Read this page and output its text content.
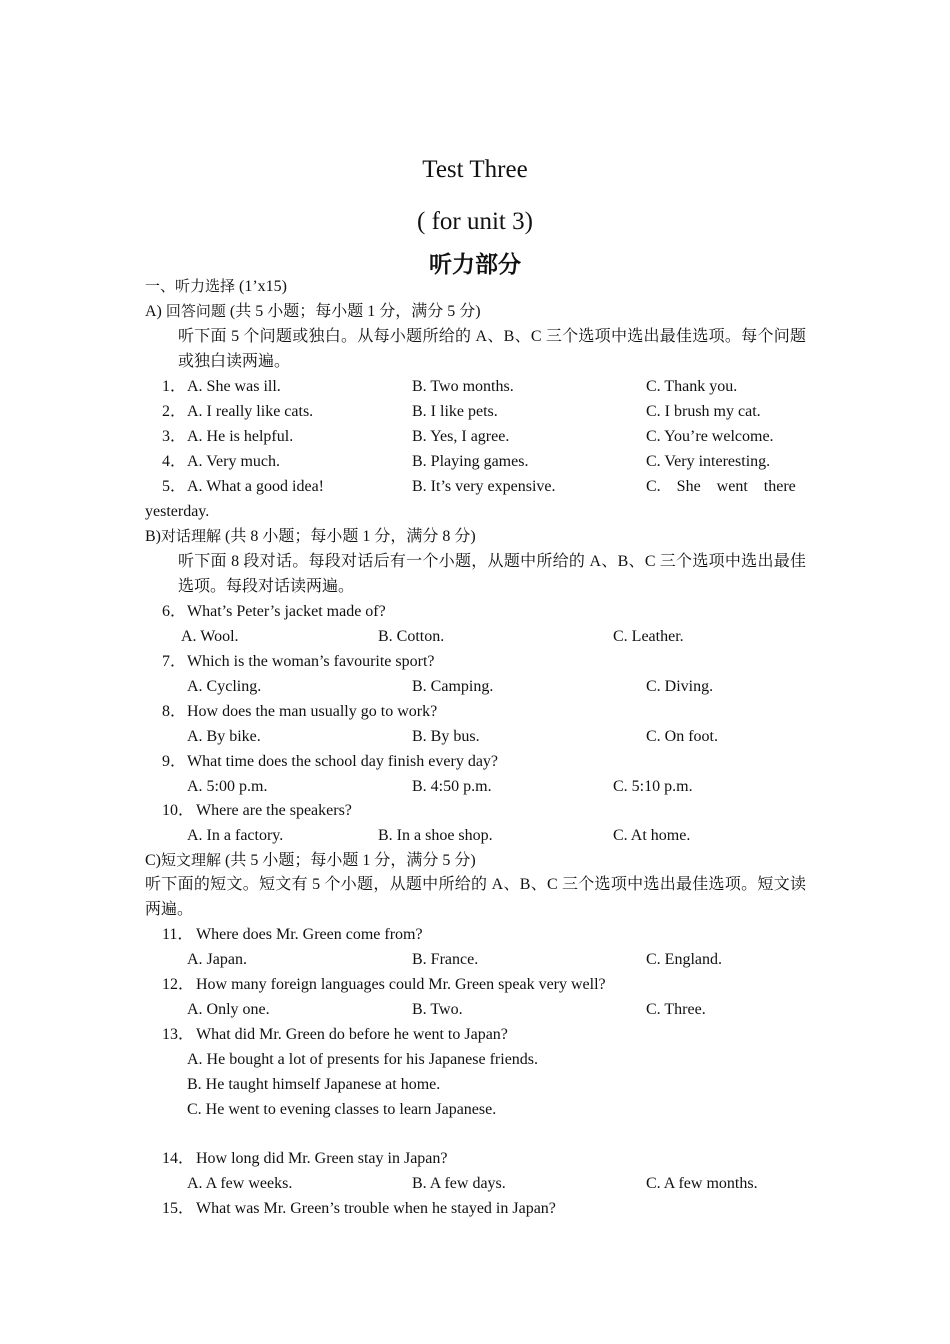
Test Three
( for unit 3)
听力部分
一、听力选择 (1’x15)
A) 回答问题 (共 5 小题；每小题 1 分，满分 5 分)
听下面 5 个问题或独白。从每小题所给的 A、B、C 三个选项中选出最佳选项。每个问题或独白读两遍。
1． A. She was ill.	B. Two months.	C. Thank you.
2． A. I really like cats.	B. I like pets.	C. I brush my cat.
3． A. He is helpful.	B. Yes, I agree.	C. You’re welcome.
4． A. Very much.	B. Playing games.	C. Very interesting.
5． A. What a good idea!	B. It’s very expensive.	C.    She    went    there
yesterday.
B)对话理解 (共 8 小题；每小题 1 分，满分 8 分)
听下面 8 段对话。每段对话后有一个小题，从题中所给的 A、B、C 三个选项中选出最佳选项。每段对话读两遍。
6． What’s Peter’s jacket made of?
A. Wool.	B. Cotton.	C. Leather.
7． Which is the woman’s favourite sport?
A. Cycling.	B. Camping.	C. Diving.
8． How does the man usually go to work?
A. By bike.	B. By bus.	C. On foot.
9． What time does the school day finish every day?
A. 5:00 p.m.	B. 4:50 p.m.	C. 5:10 p.m.
10． Where are the speakers?
A. In a factory.	B. In a shoe shop.	C. At home.
C)短文理解 (共 5 小题；每小题 1 分，满分 5 分)
听下面的短文。短文有 5 个小题，从题中所给的 A、B、C 三个选项中选出最佳选项。短文读两遍。
11． Where does Mr. Green come from?
A. Japan.	B. France.	C. England.
12． How many foreign languages could Mr. Green speak very well?
A. Only one.	B. Two.	C. Three.
13． What did Mr. Green do before he went to Japan?
A. He bought a lot of presents for his Japanese friends.
B. He taught himself Japanese at home.
C. He went to evening classes to learn Japanese.
14． How long did Mr. Green stay in Japan?
A. A few weeks.	B. A few days.	C. A few months.
15． What was Mr. Green’s trouble when he stayed in Japan?
